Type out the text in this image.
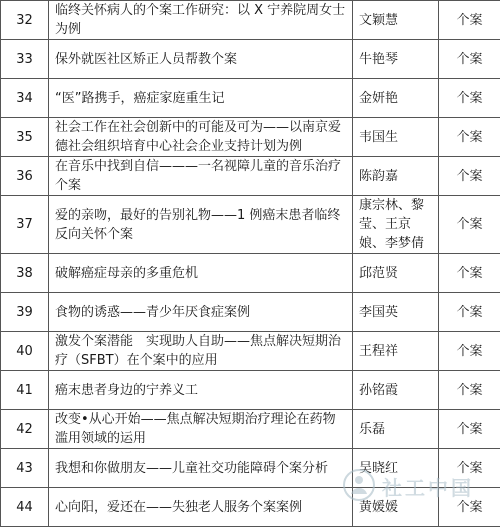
32	临终关怀病人的个案工作研究：以 X 宁养院周女士为例	文颖慧	个案
33	保外就医社区矫正人员帮教个案	牛艳琴	个案
34	“医”路携手，癌症家庭重生记	金妍艳	个案
35	社会工作在社会创新中的可能及可为——以南京爱德社会组织培育中心社会企业支持计划为例	韦国生	个案
36	在音乐中找到自信———一名视障儿童的音乐治疗个案	陈韵嘉	个案
37	爱的亲吻，最好的告别礼物——1 例癌末患者临终反向关怀个案	康宗林、黎莹、王京娘、李梦倩	个案
38	破解癌症母亲的多重危机	邱范贤	个案
39	食物的诱惑——青少年厌食症案例	李国英	个案
40	激发个案潜能　实现助人自助——焦点解决短期治疗（SFBT）在个案中的应用	王程祥	个案
41	癌末患者身边的宁养义工	孙铭霞	个案
42	改变•从心开始——焦点解决短期治疗理论在药物滥用领域的运用	乐磊	个案
43	我想和你做朋友——儿童社交功能障碍个案分析	吴晓红	个案
44	心向阳，爱还在——失独老人服务个案案例	黄媛媛	个案
社工中国
